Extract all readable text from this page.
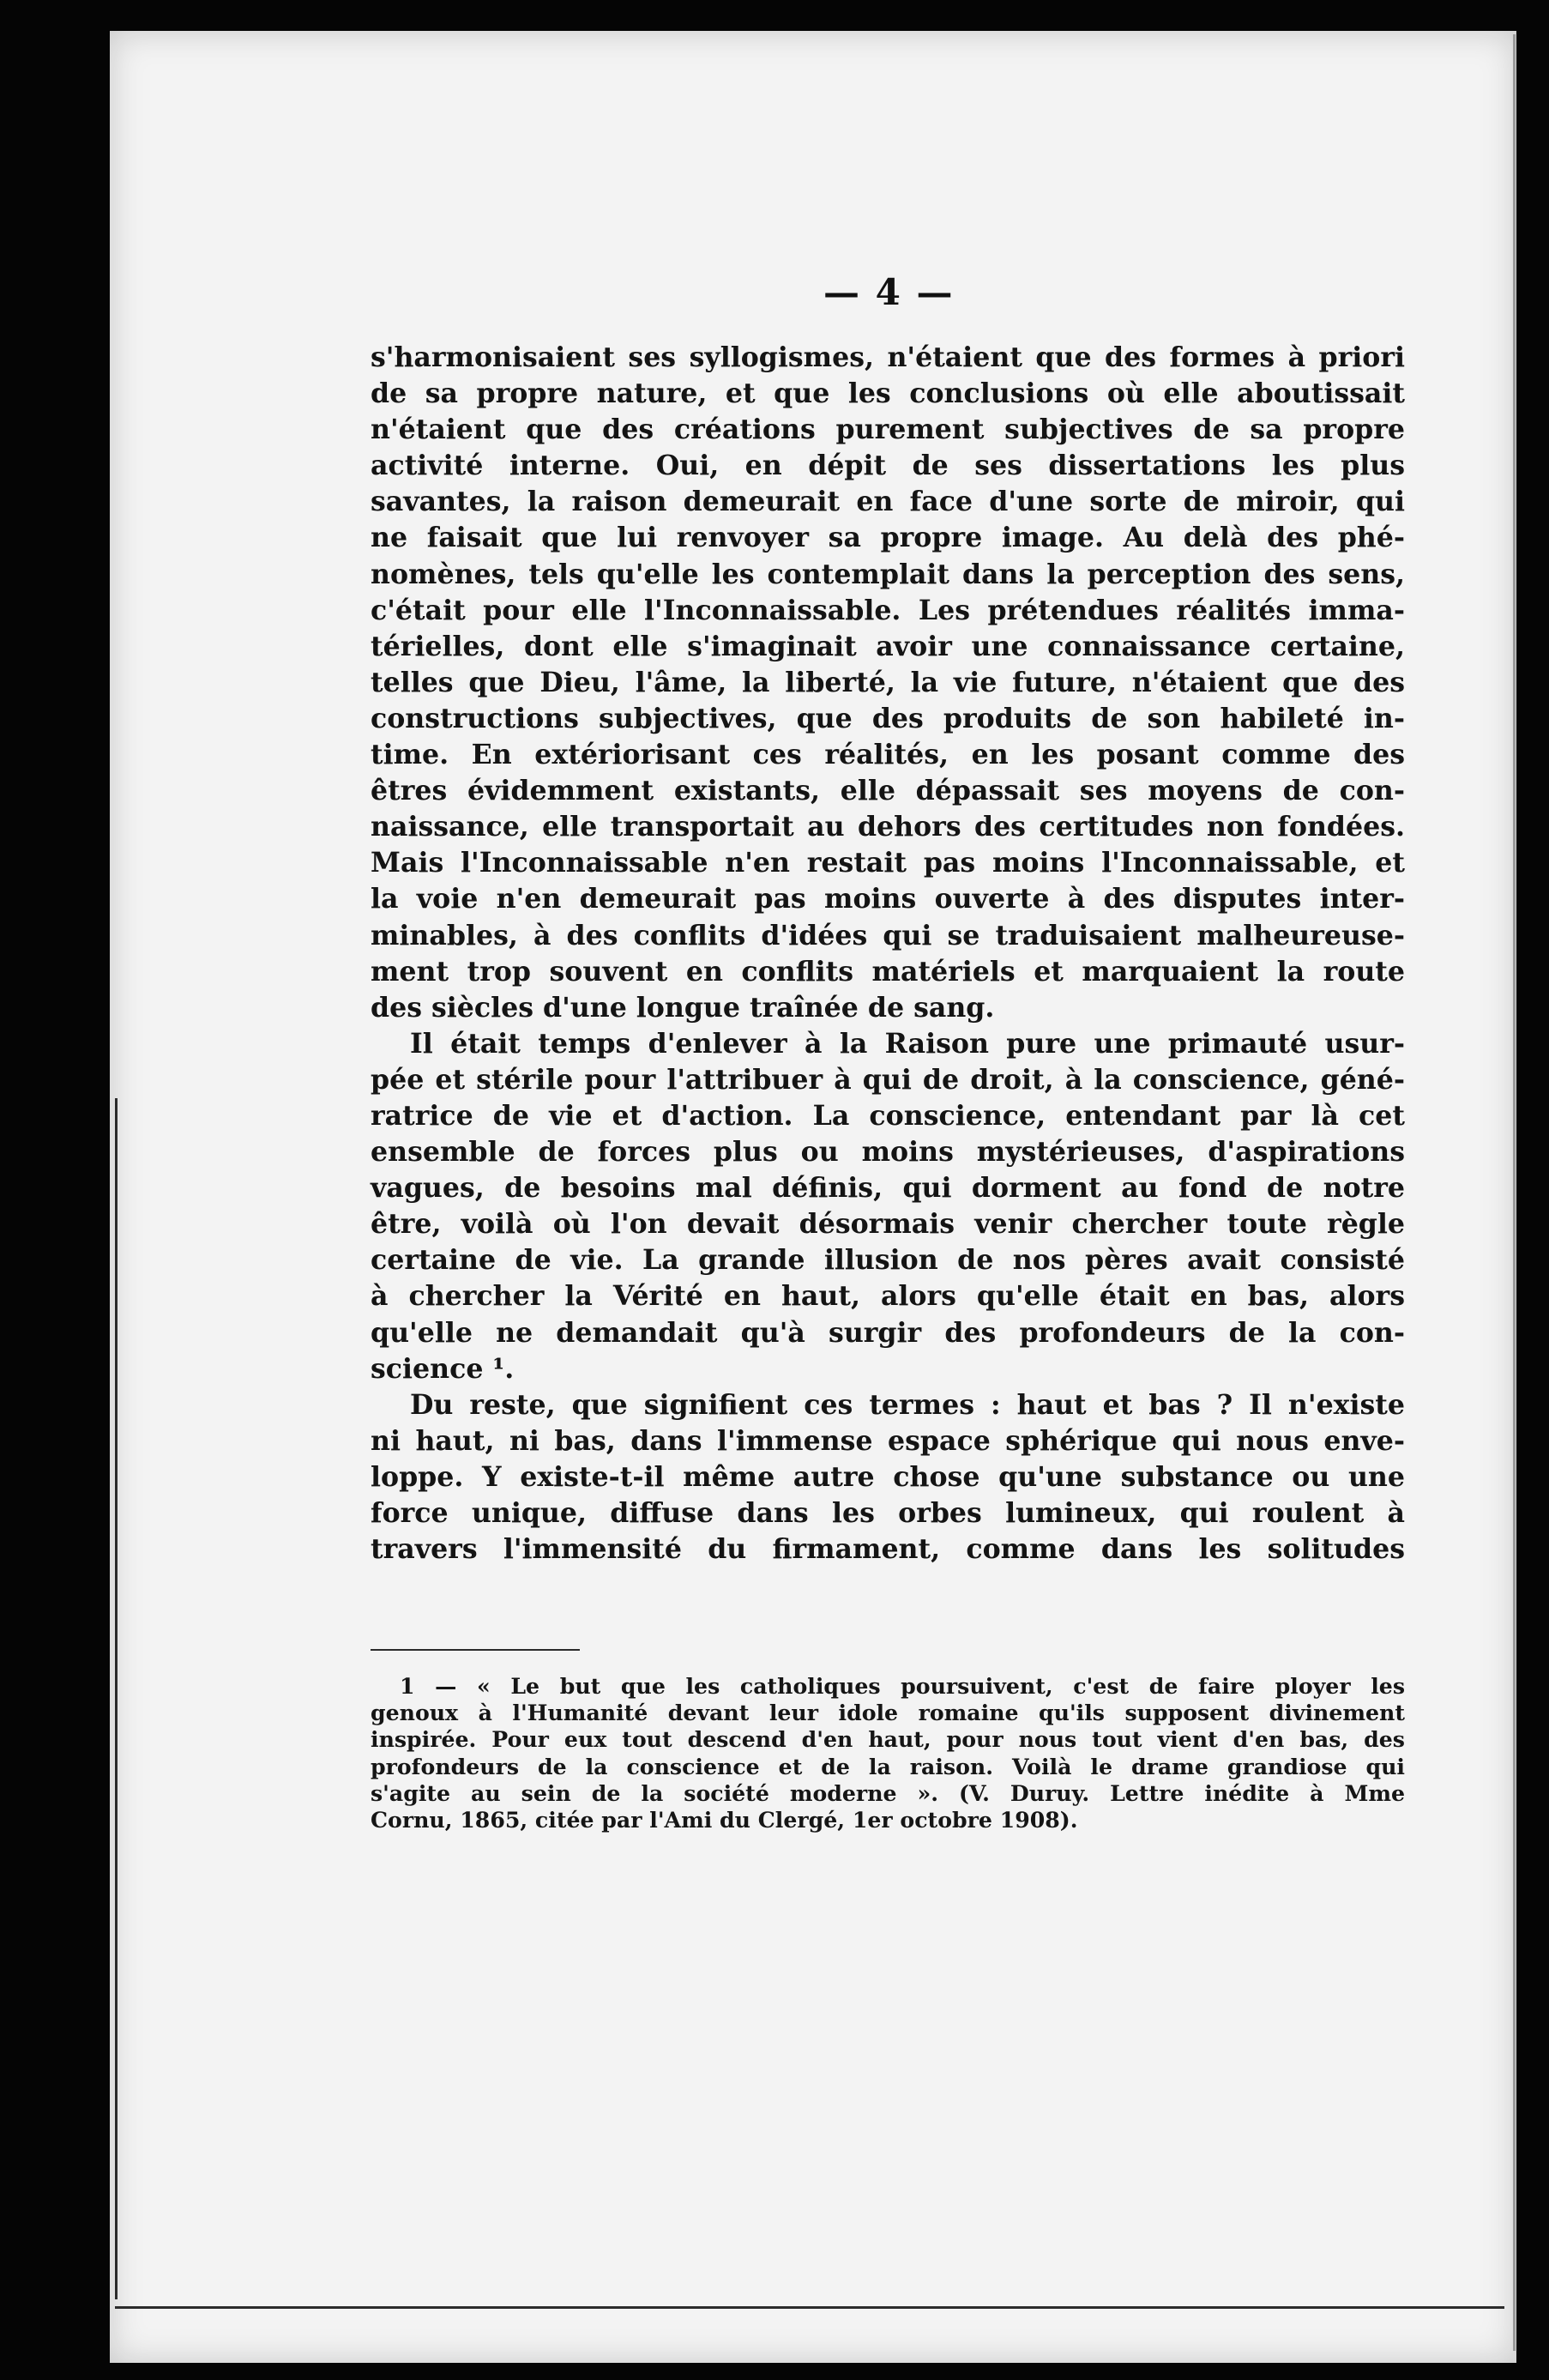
— 4 —
s'harmonisaient ses syllogismes, n'étaient que des formes à priori
de sa propre nature, et que les conclusions où elle aboutissait
n'étaient que des créations purement subjectives de sa propre
activité interne. Oui, en dépit de ses dissertations les plus
savantes, la raison demeurait en face d'une sorte de miroir, qui
ne faisait que lui renvoyer sa propre image. Au delà des phé-
nomènes, tels qu'elle les contemplait dans la perception des sens,
c'était pour elle l'Inconnaissable. Les prétendues réalités imma-
térielles, dont elle s'imaginait avoir une connaissance certaine,
telles que Dieu, l'âme, la liberté, la vie future, n'étaient que des
constructions subjectives, que des produits de son habileté in-
time. En extériorisant ces réalités, en les posant comme des
êtres évidemment existants, elle dépassait ses moyens de con-
naissance, elle transportait au dehors des certitudes non fondées.
Mais l'Inconnaissable n'en restait pas moins l'Inconnaissable, et
la voie n'en demeurait pas moins ouverte à des disputes inter-
minables, à des conflits d'idées qui se traduisaient malheureuse-
ment trop souvent en conflits matériels et marquaient la route
des siècles d'une longue traînée de sang.
Il était temps d'enlever à la Raison pure une primauté usur-
pée et stérile pour l'attribuer à qui de droit, à la conscience, géné-
ratrice de vie et d'action. La conscience, entendant par là cet
ensemble de forces plus ou moins mystérieuses, d'aspirations
vagues, de besoins mal définis, qui dorment au fond de notre
être, voilà où l'on devait désormais venir chercher toute règle
certaine de vie. La grande illusion de nos pères avait consisté
à chercher la Vérité en haut, alors qu'elle était en bas, alors
qu'elle ne demandait qu'à surgir des profondeurs de la con-
science ¹.
Du reste, que signifient ces termes : haut et bas ? Il n'existe
ni haut, ni bas, dans l'immense espace sphérique qui nous enve-
loppe. Y existe-t-il même autre chose qu'une substance ou une
force unique, diffuse dans les orbes lumineux, qui roulent à
travers l'immensité du firmament, comme dans les solitudes
1 — « Le but que les catholiques poursuivent, c'est de faire ployer les
genoux à l'Humanité devant leur idole romaine qu'ils supposent divinement
inspirée. Pour eux tout descend d'en haut, pour nous tout vient d'en bas, des
profondeurs de la conscience et de la raison. Voilà le drame grandiose qui
s'agite au sein de la société moderne ». (V. Duruy. Lettre inédite à Mme
Cornu, 1865, citée par l'Ami du Clergé, 1er octobre 1908).
